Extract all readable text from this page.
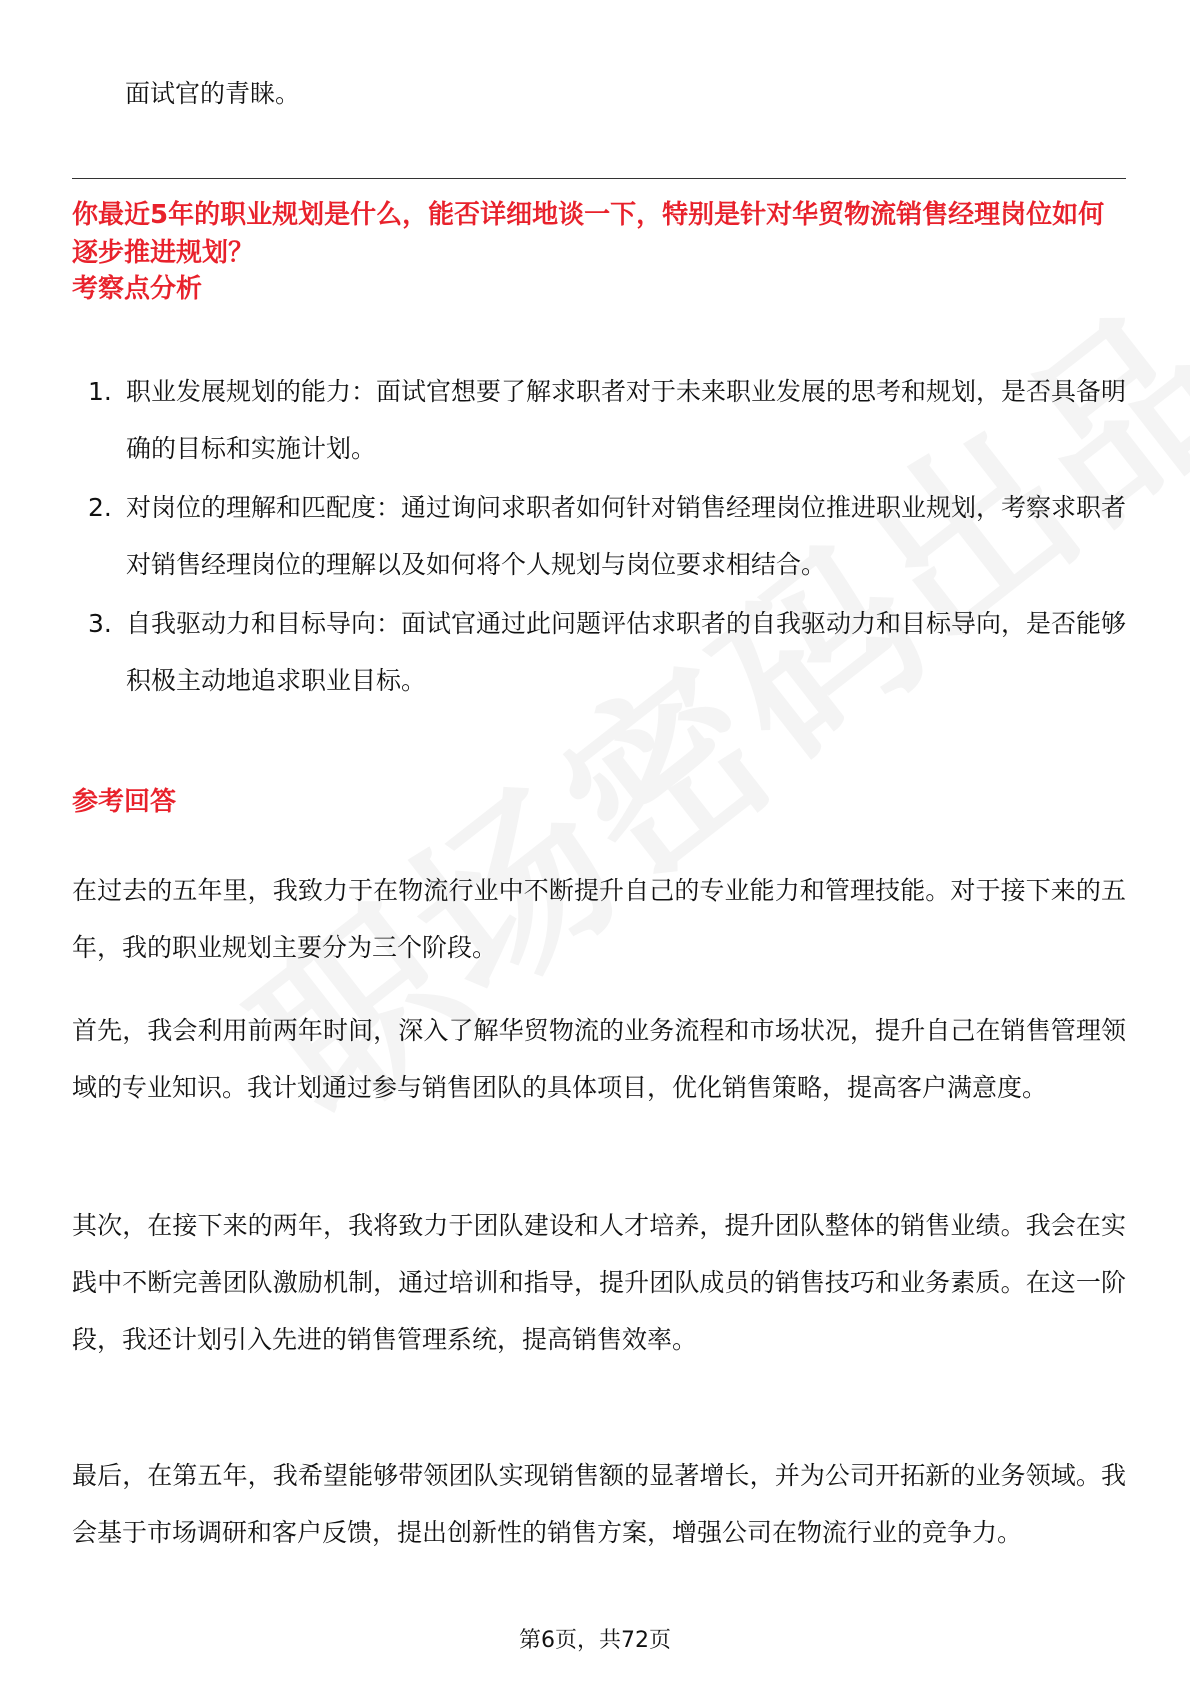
面试官的青睐。
你最近5年的职业规划是什么，能否详细地谈一下，特别是针对华贸物流销售经理岗位如何逐步推进规划？
考察点分析
1. 职业发展规划的能力：面试官想要了解求职者对于未来职业发展的思考和规划，是否具备明确的目标和实施计划。
2. 对岗位的理解和匹配度：通过询问求职者如何针对销售经理岗位推进职业规划，考察求职者对销售经理岗位的理解以及如何将个人规划与岗位要求相结合。
3. 自我驱动力和目标导向：面试官通过此问题评估求职者的自我驱动力和目标导向，是否能够积极主动地追求职业目标。
参考回答
在过去的五年里，我致力于在物流行业中不断提升自己的专业能力和管理技能。对于接下来的五年，我的职业规划主要分为三个阶段。
首先，我会利用前两年时间，深入了解华贸物流的业务流程和市场状况，提升自己在销售管理领域的专业知识。我计划通过参与销售团队的具体项目，优化销售策略，提高客户满意度。
其次，在接下来的两年，我将致力于团队建设和人才培养，提升团队整体的销售业绩。我会在实践中不断完善团队激励机制，通过培训和指导，提升团队成员的销售技巧和业务素质。在这一阶段，我还计划引入先进的销售管理系统，提高销售效率。
最后，在第五年，我希望能够带领团队实现销售额的显著增长，并为公司开拓新的业务领域。我会基于市场调研和客户反馈，提出创新性的销售方案，增强公司在物流行业的竞争力。
第6页，共72页
